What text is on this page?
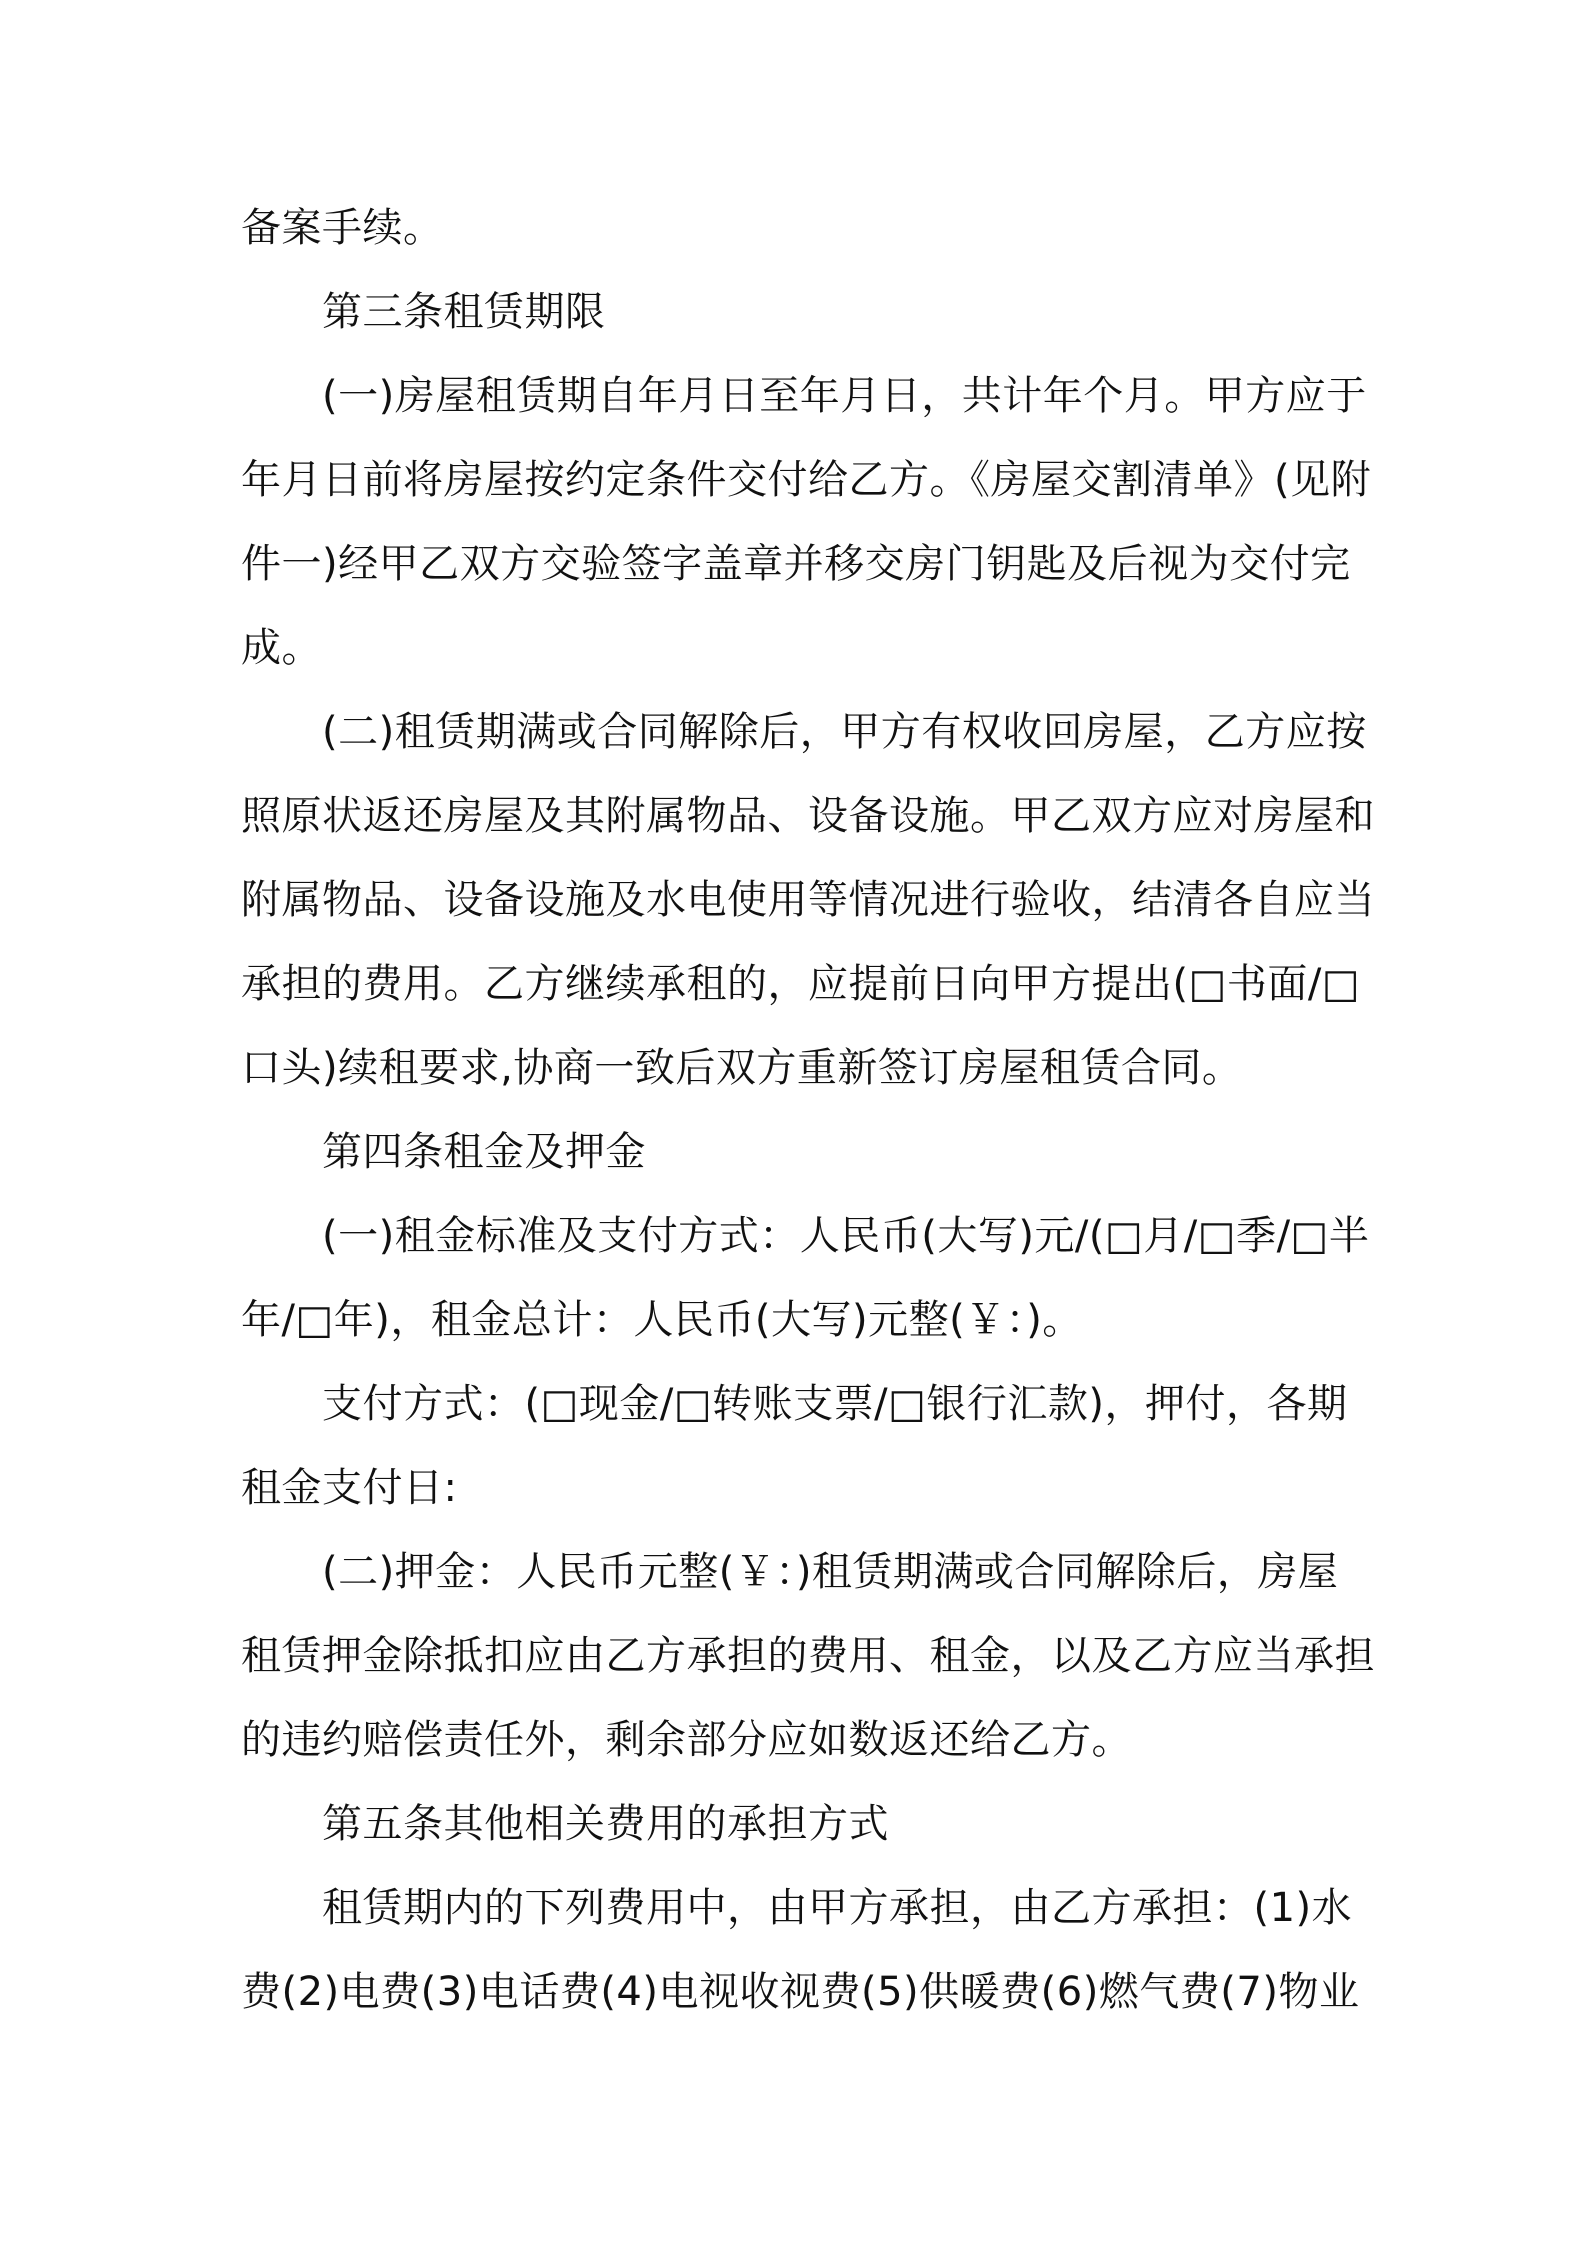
备案手续。
第三条租赁期限
(一)房屋租赁期自年月日至年月日，共计年个月。甲方应于
年月日前将房屋按约定条件交付给乙方。《房屋交割清单》(见附
件一)经甲乙双方交验签字盖章并移交房门钥匙及后视为交付完
成。
(二)租赁期满或合同解除后，甲方有权收回房屋，乙方应按
照原状返还房屋及其附属物品、设备设施。甲乙双方应对房屋和
附属物品、设备设施及水电使用等情况进行验收，结清各自应当
承担的费用。乙方继续承租的，应提前日向甲方提出(□书面/□
口头)续租要求,协商一致后双方重新签订房屋租赁合同。
第四条租金及押金
(一)租金标准及支付方式：人民币(大写)元/(□月/□季/□半
年/□年)，租金总计：人民币(大写)元整(￥：)。
支付方式：(□现金/□转账支票/□银行汇款)，押付，各期
租金支付日:
(二)押金：人民币元整(￥：)租赁期满或合同解除后，房屋
租赁押金除抵扣应由乙方承担的费用、租金，以及乙方应当承担
的违约赔偿责任外，剩余部分应如数返还给乙方。
第五条其他相关费用的承担方式
租赁期内的下列费用中，由甲方承担，由乙方承担：(1)水
费(2)电费(3)电话费(4)电视收视费(5)供暖费(6)燃气费(7)物业
